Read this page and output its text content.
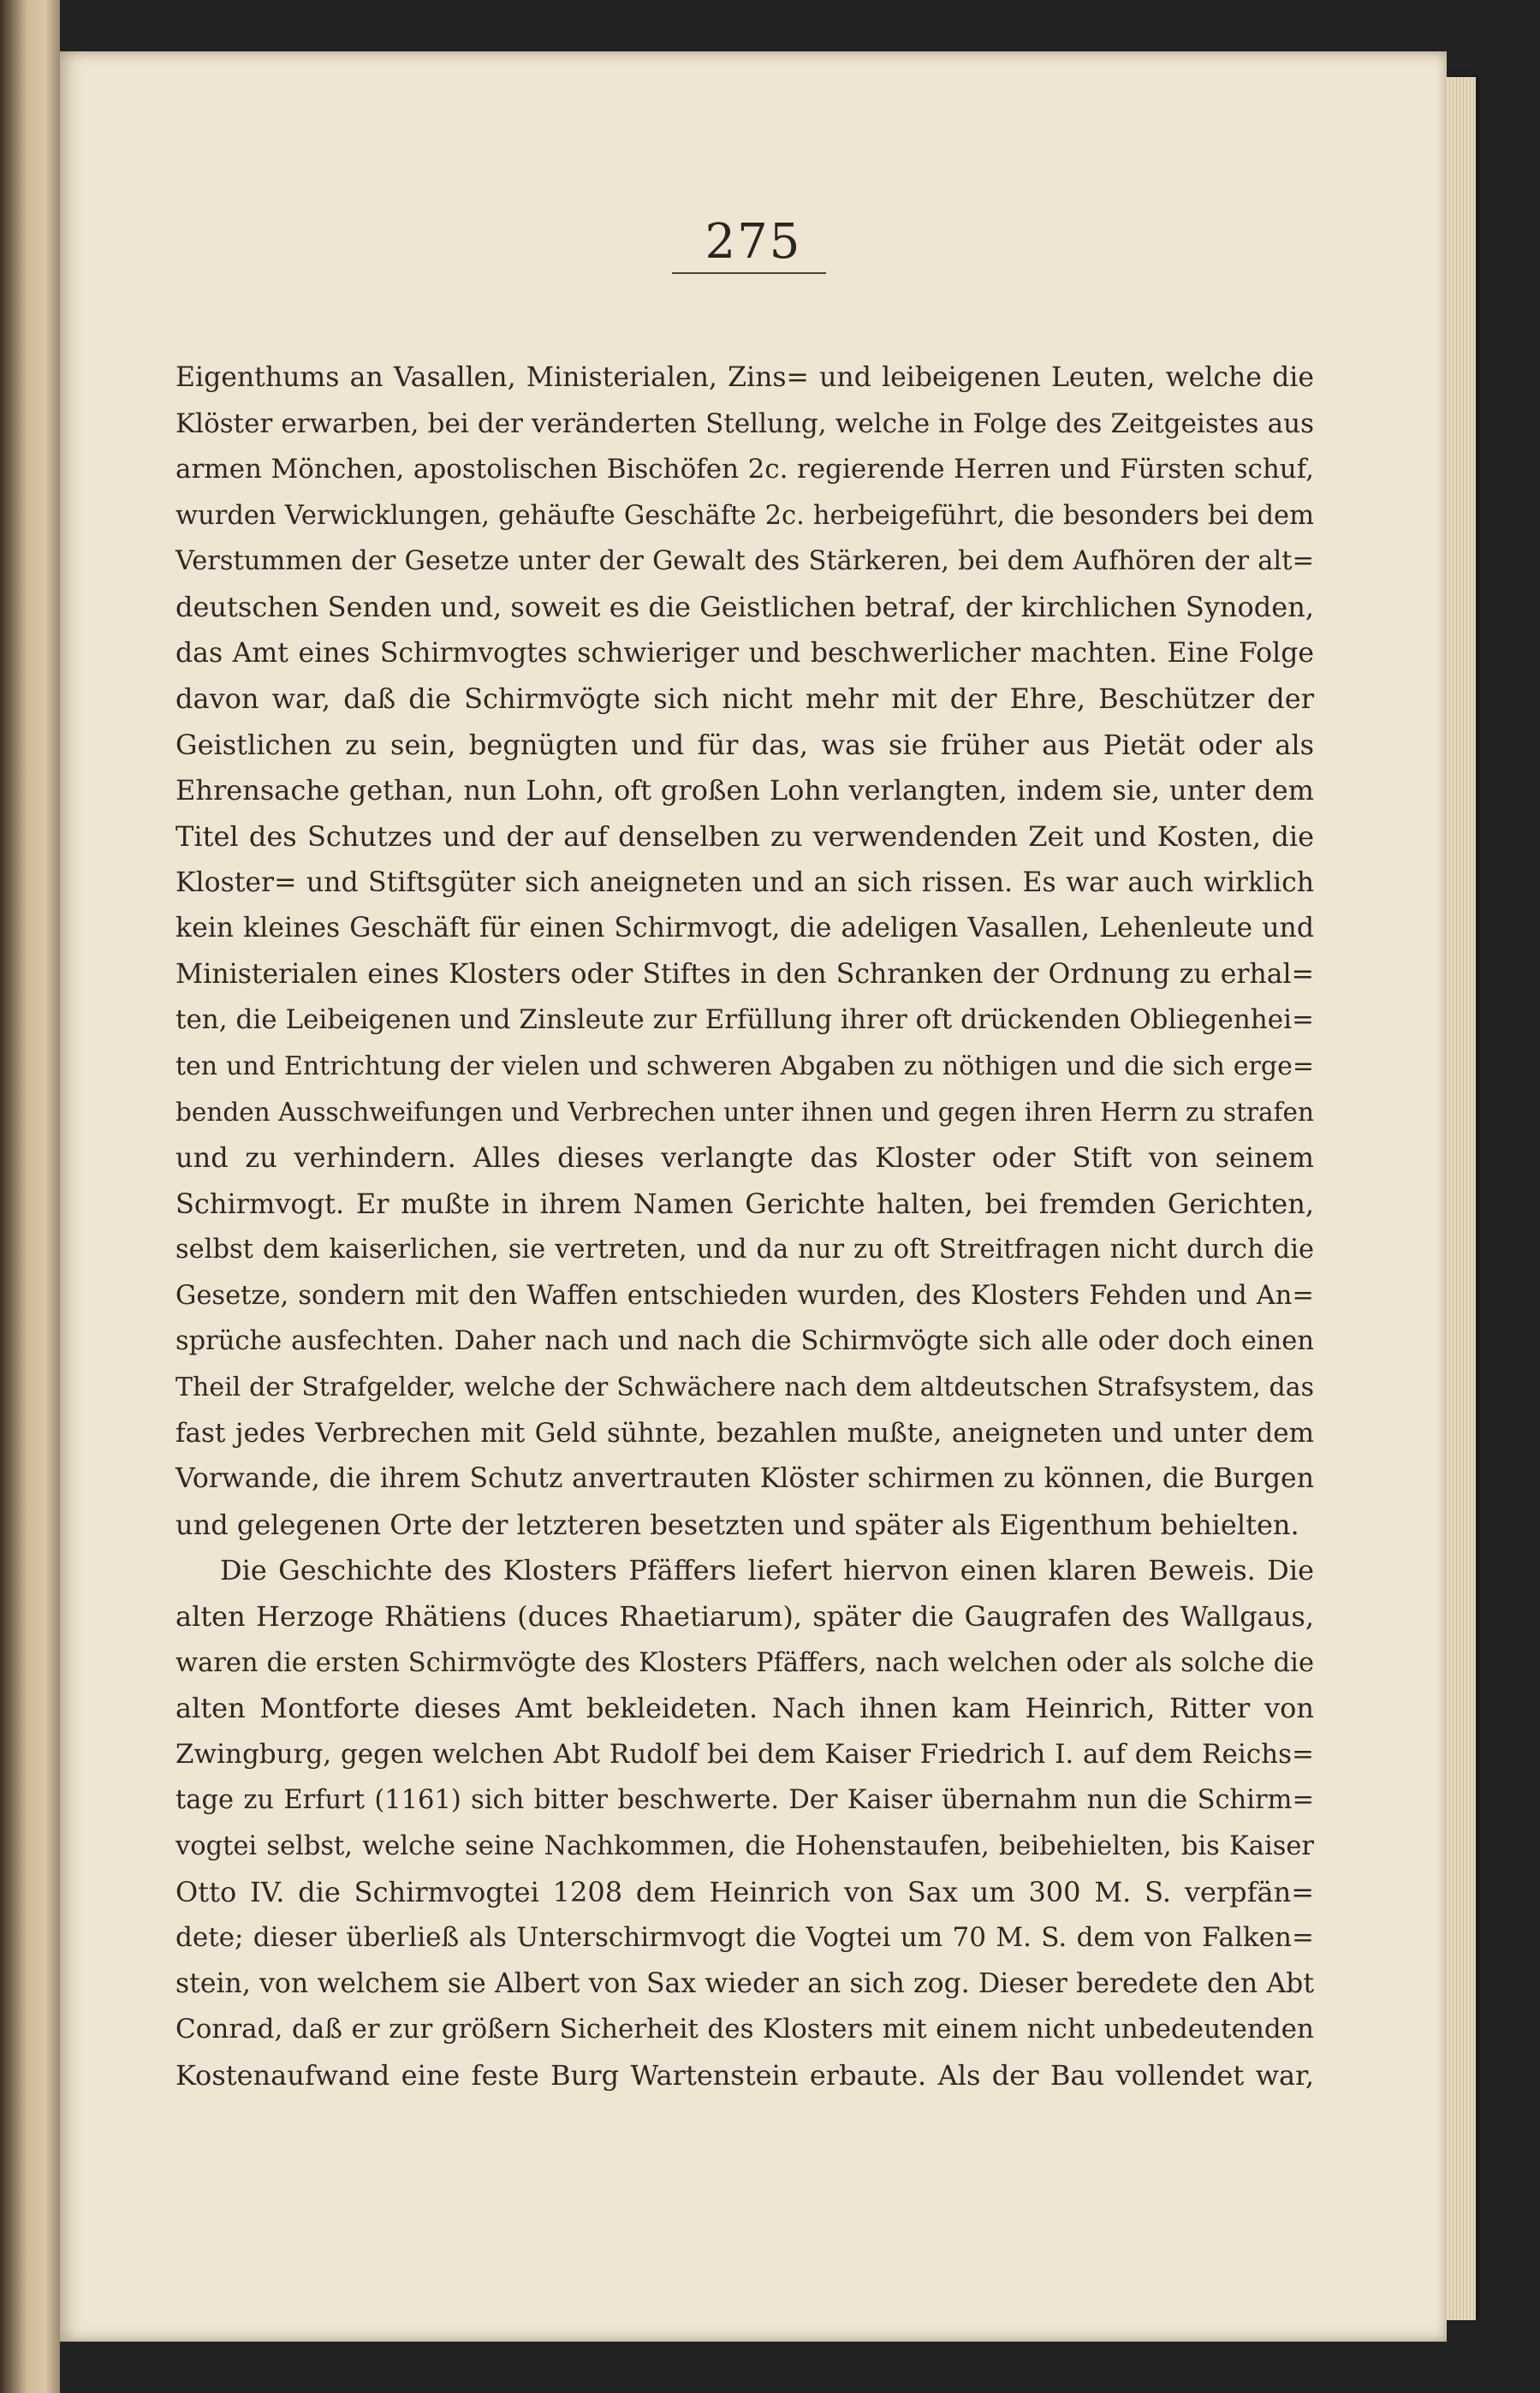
275
Eigenthums an Vasallen, Ministerialen, Zins= und leibeigenen Leuten, welche die
Klöster erwarben, bei der veränderten Stellung, welche in Folge des Zeitgeistes aus
armen Mönchen, apostolischen Bischöfen 2c. regierende Herren und Fürsten schuf,
wurden Verwicklungen, gehäufte Geschäfte 2c. herbeigeführt, die besonders bei dem
Verstummen der Gesetze unter der Gewalt des Stärkeren, bei dem Aufhören der alt=
deutschen Senden und, soweit es die Geistlichen betraf, der kirchlichen Synoden,
das Amt eines Schirmvogtes schwieriger und beschwerlicher machten. Eine Folge
davon war, daß die Schirmvögte sich nicht mehr mit der Ehre, Beschützer der
Geistlichen zu sein, begnügten und für das, was sie früher aus Pietät oder als
Ehrensache gethan, nun Lohn, oft großen Lohn verlangten, indem sie, unter dem
Titel des Schutzes und der auf denselben zu verwendenden Zeit und Kosten, die
Kloster= und Stiftsgüter sich aneigneten und an sich rissen. Es war auch wirklich
kein kleines Geschäft für einen Schirmvogt, die adeligen Vasallen, Lehenleute und
Ministerialen eines Klosters oder Stiftes in den Schranken der Ordnung zu erhal=
ten, die Leibeigenen und Zinsleute zur Erfüllung ihrer oft drückenden Obliegenhei=
ten und Entrichtung der vielen und schweren Abgaben zu nöthigen und die sich erge=
benden Ausschweifungen und Verbrechen unter ihnen und gegen ihren Herrn zu strafen
und zu verhindern. Alles dieses verlangte das Kloster oder Stift von seinem
Schirmvogt. Er mußte in ihrem Namen Gerichte halten, bei fremden Gerichten,
selbst dem kaiserlichen, sie vertreten, und da nur zu oft Streitfragen nicht durch die
Gesetze, sondern mit den Waffen entschieden wurden, des Klosters Fehden und An=
sprüche ausfechten. Daher nach und nach die Schirmvögte sich alle oder doch einen
Theil der Strafgelder, welche der Schwächere nach dem altdeutschen Strafsystem, das
fast jedes Verbrechen mit Geld sühnte, bezahlen mußte, aneigneten und unter dem
Vorwande, die ihrem Schutz anvertrauten Klöster schirmen zu können, die Burgen
und gelegenen Orte der letzteren besetzten und später als Eigenthum behielten.
Die Geschichte des Klosters Pfäffers liefert hiervon einen klaren Beweis. Die
alten Herzoge Rhätiens (duces Rhaetiarum), später die Gaugrafen des Wallgaus,
waren die ersten Schirmvögte des Klosters Pfäffers, nach welchen oder als solche die
alten Montforte dieses Amt bekleideten. Nach ihnen kam Heinrich, Ritter von
Zwingburg, gegen welchen Abt Rudolf bei dem Kaiser Friedrich I. auf dem Reichs=
tage zu Erfurt (1161) sich bitter beschwerte. Der Kaiser übernahm nun die Schirm=
vogtei selbst, welche seine Nachkommen, die Hohenstaufen, beibehielten, bis Kaiser
Otto IV. die Schirmvogtei 1208 dem Heinrich von Sax um 300 M. S. verpfän=
dete; dieser überließ als Unterschirmvogt die Vogtei um 70 M. S. dem von Falken=
stein, von welchem sie Albert von Sax wieder an sich zog. Dieser beredete den Abt
Conrad, daß er zur größern Sicherheit des Klosters mit einem nicht unbedeutenden
Kostenaufwand eine feste Burg Wartenstein erbaute. Als der Bau vollendet war,
